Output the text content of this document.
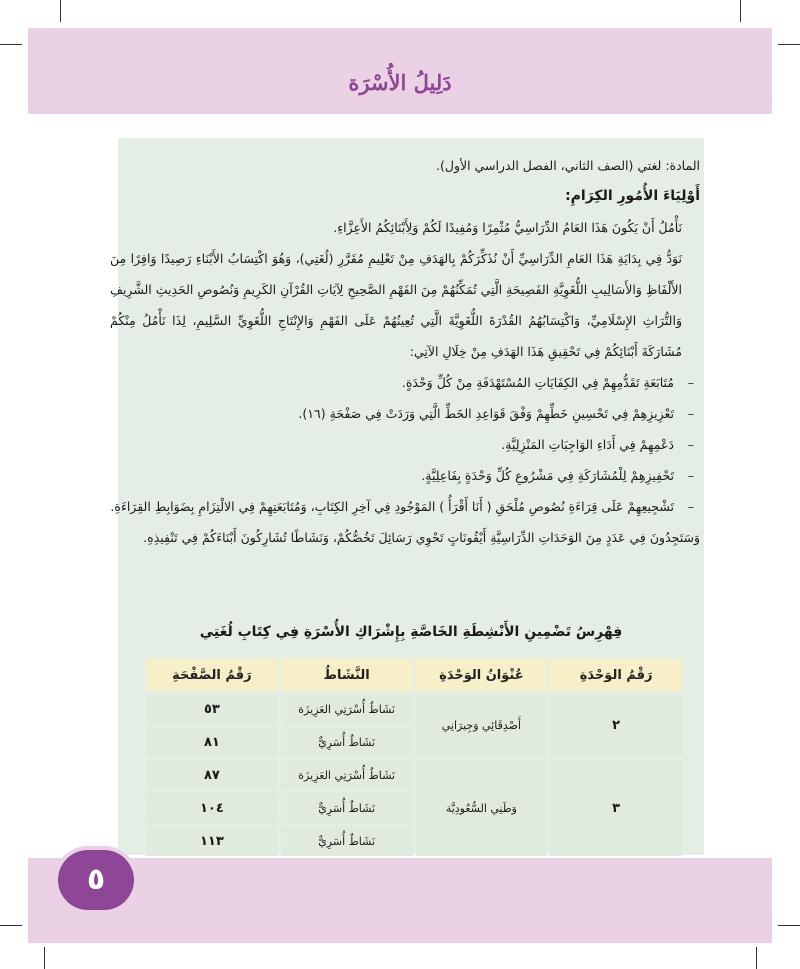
دَلِيلُ الأُسْرَة

المادة: لغتي (الصف الثاني، الفصل الدراسي الأول).

أَوْلِيَاءَ الأُمُورِ الكِرَامِ:

نَأْمُلُ أَنْ يَكُونَ هَذَا العَامُ الدِّرَاسِيُّ مُثْمِرًا وَمُفِيدًا لَكُمْ وَلِأَبْنَائِكُمُ الأَعِزَّاءِ.

نَوَدُّ فِي بِدَايَةِ هَذَا العَامِ الدِّرَاسِيِّ أَنْ نُذَكِّرَكُمْ بِالهَدَفِ مِنْ تَعْلِيمِ مُقَرَّرِ (لُغَتِي)، وَهُوَ اكْتِسَابُ الأَبْنَاءِ رَصِيدًا وَافِرًا مِنَ الأَلْفَاظِ وَالأَسَالِيبِ اللُّغَوِيَّةِ الفَصِيحَةِ الَّتِي تُمَكِّنُهُمْ مِنَ الفَهْمِ الصَّحِيحِ لِآيَاتِ القُرْآنِ الكَرِيمِ وَنُصُوصِ الحَدِيثِ الشَّرِيفِ وَالتُّرَاثِ الإِسْلَامِيِّ، وَاكْتِسَابُهُمُ القُدْرَةَ اللُّغَوِيَّةَ الَّتِي تُعِينُهُمْ عَلَى الفَهْمِ وَالإِنْتَاجِ اللُّغَوِيِّ السَّلِيمِ، لِذَا نَأْمُلُ مِنْكُمْ مُشَارَكَةَ أَبْنَائِكُمْ فِي تَحْقِيقِ هَذَا الهَدَفِ مِنْ خِلَالِ الآتِي:

– مُتَابَعَةِ تَقَدُّمِهِمْ فِي الكِفَايَاتِ المُسْتَهْدَفَةِ مِنْ كُلِّ وَحْدَةٍ.
– تَعْزِيزِهِمْ فِي تَحْسِينِ خَطِّهِمْ وَفْقَ قَوَاعِدِ الخَطِّ الَّتِي وَرَدَتْ فِي صَفْحَةِ (١٦).
– دَعْمِهِمْ فِي أَدَاءِ الوَاجِبَاتِ المَنْزِلِيَّةِ.
– تَحْفِيزِهِمْ لِلْمُشَارَكَةِ فِي مَشْرُوعِ كُلِّ وَحْدَةٍ بِفَاعِلِيَّةٍ.
– تَشْجِيعِهِمْ عَلَى قِرَاءَةِ نُصُوصِ مُلْحَقِ ( أَنَا أَقْرَأُ ) المَوْجُودِ فِي آخِرِ الكِتَابِ، وَمُتَابَعَتِهِمْ فِي الالْتِزَامِ بِضَوَابِطِ القِرَاءَةِ.

وَسَتَجِدُونَ فِي عَدَدٍ مِنَ الوَحَدَاتِ الدِّرَاسِيَّةِ أَيْقُونَاتٍ تَحْوِي رَسَائِلَ تَخُصُّكُمْ، وَنَشَاطًا تُشَارِكُونَ أَبْنَاءَكُمْ فِي تَنْفِيذِهِ.

فِهْرِسُ تَضْمِينِ الأَنْشِطَةِ الخَاصَّةِ بِإِشْرَاكِ الأُسْرَةِ فِي كِتَابِ لُغَتِي
رَقْمُ الوَحْدَةِ	عُنْوَانُ الوَحْدَةِ	النَّشَاطُ	رَقْمُ الصَّفْحَةِ
٢	أَصْدِقَائِي وَجِيرَانِي	نَشَاطُ أُسْرَتِي العَزِيزَة	٥٣
		نَشَاطٌ أُسَرِيٌّ	٨١
٣	وَطَنِي السُّعُودِيَّة	نَشَاطُ أُسْرَتِي العَزِيزَة	٨٧
		نَشَاطٌ أُسَرِيٌّ	١٠٤
		نَشَاطٌ أُسَرِيٌّ	١١٣
٥
